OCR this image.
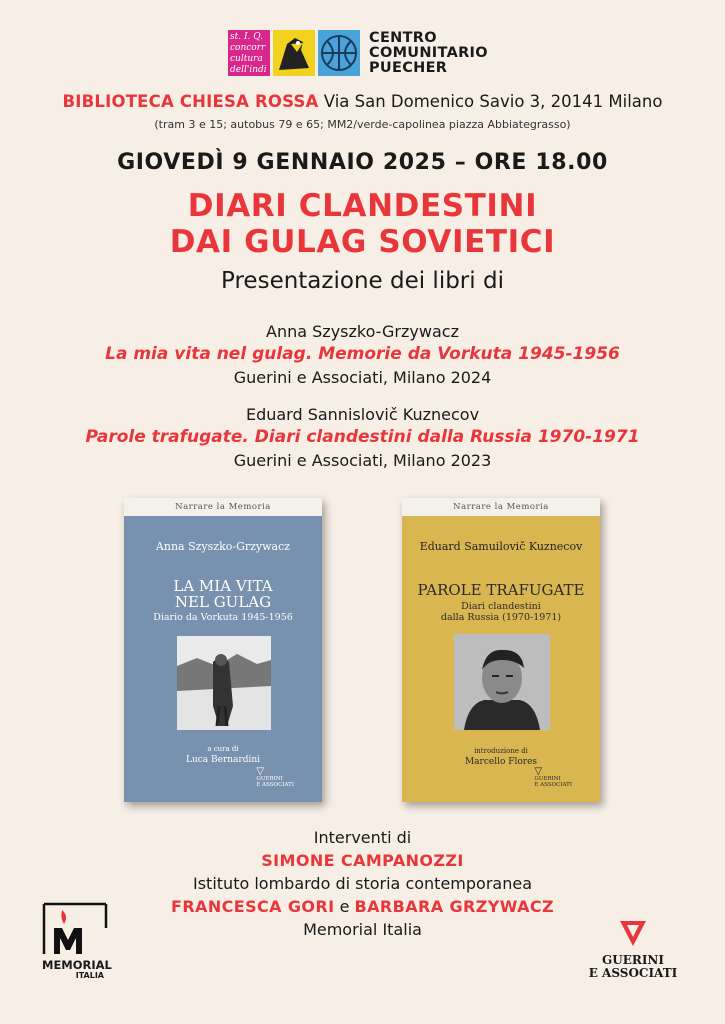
st. I. Q.
concorr
cultura
dell'indi
CENTRO
COMUNITARIO
PUECHER
BIBLIOTECA CHIESA ROSSA Via San Domenico Savio 3, 20141 Milano
(tram 3 e 15; autobus 79 e 65; MM2/verde-capolinea piazza Abbiategrasso)
GIOVEDÌ 9 GENNAIO 2025 – ORE 18.00
DIARI CLANDESTINI
DAI GULAG SOVIETICI
Presentazione dei libri di
Anna Szyszko-Grzywacz
La mia vita nel gulag. Memorie da Vorkuta 1945-1956
Guerini e Associati, Milano 2024
Eduard Sannislovič Kuznecov
Parole trafugate. Diari clandestini dalla Russia 1970-1971
Guerini e Associati, Milano 2023
Narrare la Memoria
Anna Szyszko-Grzywacz
LA MIA VITA
NEL GULAG
Diario da Vorkuta 1945-1956
a cura di
Luca Bernardini
▽
GUERINI
E ASSOCIATI
Narrare la Memoria
Eduard Samuilovič Kuznecov
PAROLE TRAFUGATE
Diari clandestini
dalla Russia (1970-1971)
introduzione di
Marcello Flores
▽
GUERINI
E ASSOCIATI
Interventi di
SIMONE CAMPANOZZI
Istituto lombardo di storia contemporanea
FRANCESCA GORI e BARBARA GRZYWACZ
Memorial Italia
MEMORIAL
ITALIA
GUERINI
E ASSOCIATI
